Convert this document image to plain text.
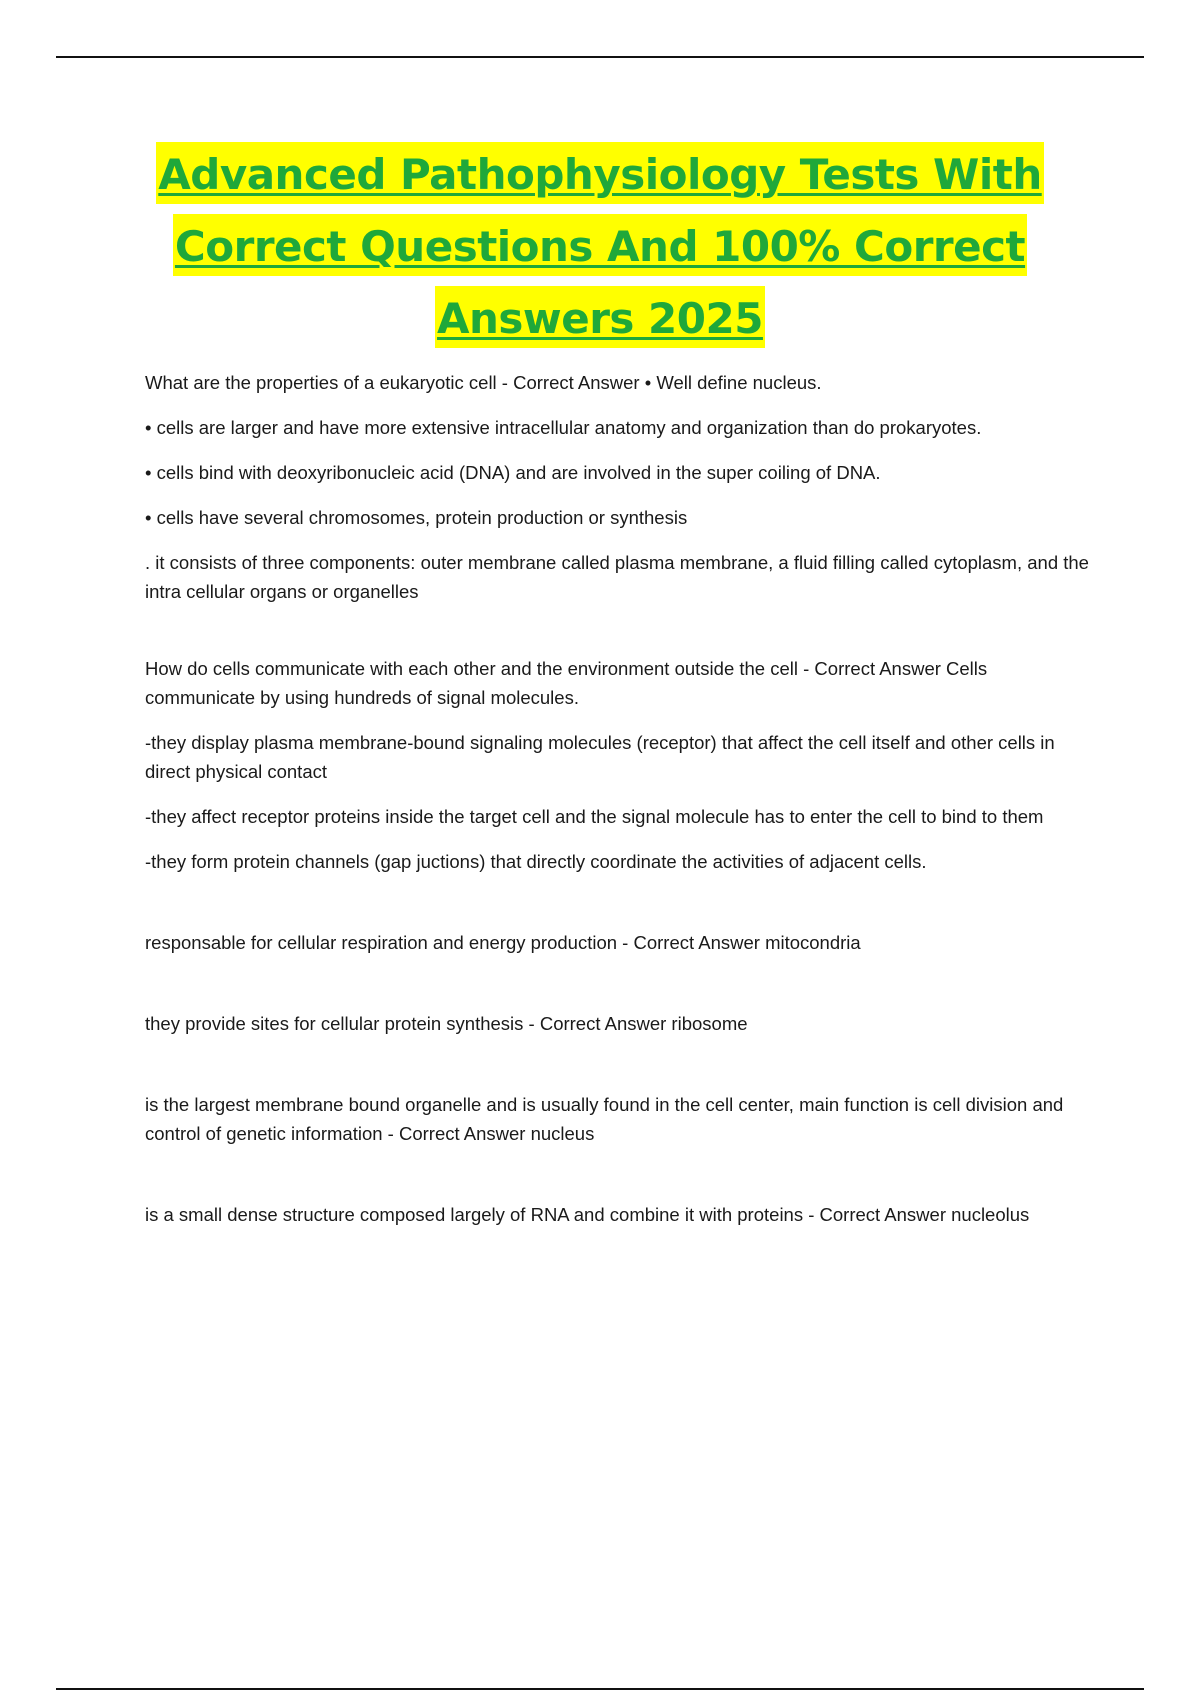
Advanced Pathophysiology Tests With
Correct Questions And 100% Correct
Answers 2025

What are the properties of a eukaryotic cell - Correct Answer • Well define nucleus.

• cells are larger and have more extensive intracellular anatomy and organization than do prokaryotes.

• cells bind with deoxyribonucleic acid (DNA) and are involved in the super coiling of DNA.

• cells have several chromosomes, protein production or synthesis

. it consists of three components: outer membrane called plasma membrane, a fluid filling called cytoplasm, and the intra cellular organs or organelles

How do cells communicate with each other and the environment outside the cell - Correct Answer Cells communicate by using hundreds of signal molecules.

-they display plasma membrane-bound signaling molecules (receptor) that affect the cell itself and other cells in direct physical contact

-they affect receptor proteins inside the target cell and the signal molecule has to enter the cell to bind to them

-they form protein channels (gap juctions) that directly coordinate the activities of adjacent cells.

responsable for cellular respiration and energy production - Correct Answer mitocondria

they provide sites for cellular protein synthesis - Correct Answer ribosome

is the largest membrane bound organelle and is usually found in the cell center, main function is cell division and control of genetic information - Correct Answer nucleus

is a small dense structure composed largely of RNA and combine it with proteins - Correct Answer nucleolus
